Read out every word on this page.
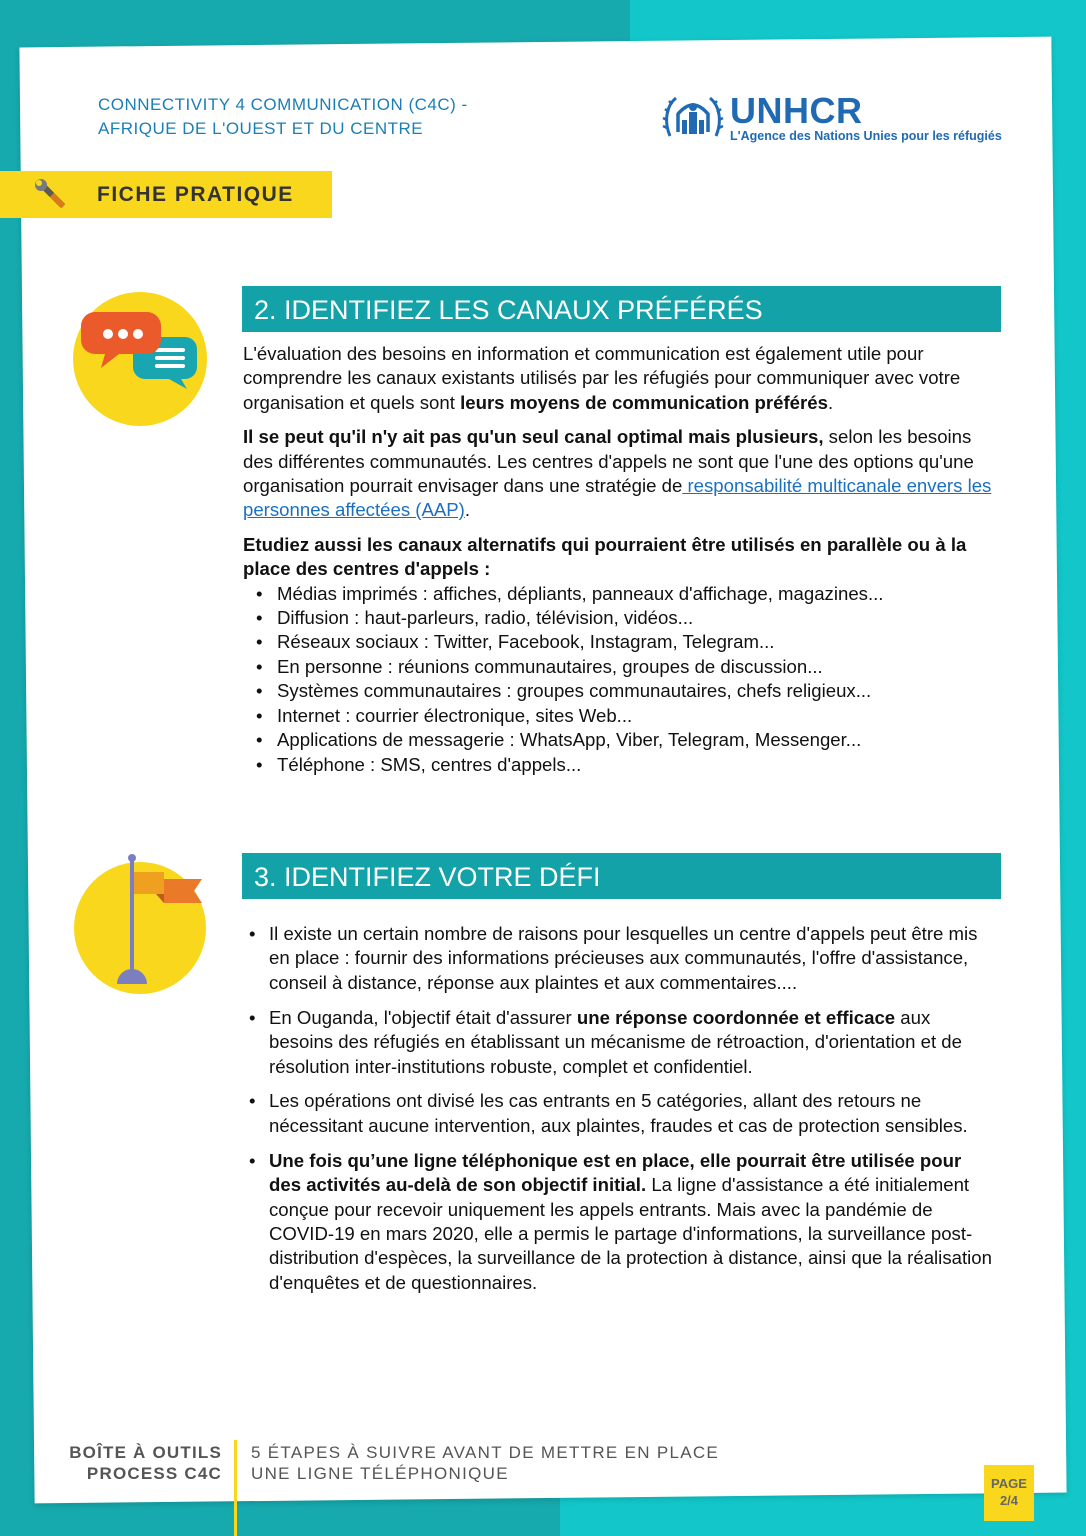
CONNECTIVITY 4 COMMUNICATION (C4C) -
AFRIQUE DE L'OUEST ET DU CENTRE	UNHCR
L'Agence des Nations Unies pour les réfugiés
FICHE PRATIQUE
2. IDENTIFIEZ LES CANAUX PRÉFÉRÉS

L'évaluation des besoins en information et communication est également utile pour comprendre les canaux existants utilisés par les réfugiés pour communiquer avec votre organisation et quels sont leurs moyens de communication préférés.

Il se peut qu'il n'y ait pas qu'un seul canal optimal mais plusieurs, selon les besoins des différentes communautés. Les centres d'appels ne sont que l'une des options qu'une organisation pourrait envisager dans une stratégie de responsabilité multicanale envers les personnes affectées (AAP).

Etudiez aussi les canaux alternatifs qui pourraient être utilisés en parallèle ou à la place des centres d'appels :

• Médias imprimés : affiches, dépliants, panneaux d'affichage, magazines...
• Diffusion : haut-parleurs, radio, télévision, vidéos...
• Réseaux sociaux : Twitter, Facebook, Instagram, Telegram...
• En personne : réunions communautaires, groupes de discussion...
• Systèmes communautaires : groupes communautaires, chefs religieux...
• Internet : courrier électronique, sites Web...
• Applications de messagerie : WhatsApp, Viber, Telegram, Messenger...
• Téléphone : SMS, centres d'appels...
3. IDENTIFIEZ VOTRE DÉFI
• Il existe un certain nombre de raisons pour lesquelles un centre d'appels peut être mis en place : fournir des informations précieuses aux communautés, l'offre d'assistance, conseil à distance, réponse aux plaintes et aux commentaires....
• En Ouganda, l'objectif était d'assurer une réponse coordonnée et efficace aux besoins des réfugiés en établissant un mécanisme de rétroaction, d'orientation et de résolution inter-institutions robuste, complet et confidentiel.
• Les opérations ont divisé les cas entrants en 5 catégories, allant des retours ne nécessitant aucune intervention, aux plaintes, fraudes et cas de protection sensibles.
• Une fois qu’une ligne téléphonique est en place, elle pourrait être utilisée pour des activités au-delà de son objectif initial. La ligne d'assistance a été initialement conçue pour recevoir uniquement les appels entrants. Mais avec la pandémie de COVID-19 en mars 2020, elle a permis le partage d'informations, la surveillance post-distribution d'espèces, la surveillance de la protection à distance, ainsi que la réalisation d'enquêtes et de questionnaires.
BOÎTE À OUTILS
PROCESS C4C
5 ÉTAPES À SUIVRE AVANT DE METTRE EN PLACE
UNE LIGNE TÉLÉPHONIQUE
PAGE
2/4
